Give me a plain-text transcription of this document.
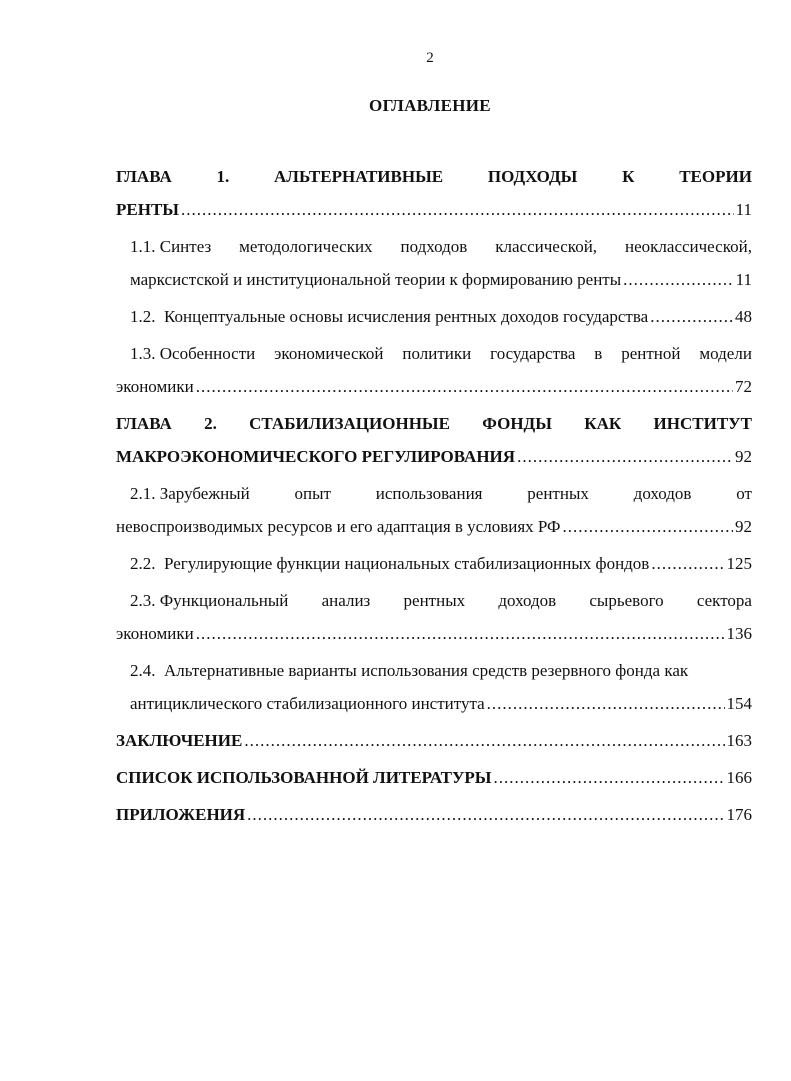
2
ОГЛАВЛЕНИЕ
ГЛАВА	1.	АЛЬТЕРНАТИВНЫЕ	ПОДХОДЫ	К	ТЕОРИИ
РЕНТЫ .....	11
1.1. Синтез методологических подходов классической, неоклассической,
марксистской и институциональной теории к формированию ренты .....	11
1.2. Концептуальные основы исчисления рентных доходов государства .....	48
1.3. Особенности экономической политики государства в рентной модели
экономики .....	72
ГЛАВА 2. СТАБИЛИЗАЦИОННЫЕ ФОНДЫ КАК ИНСТИТУТ
МАКРОЭКОНОМИЧЕСКОГО РЕГУЛИРОВАНИЯ .....	92
2.1. Зарубежный	опыт	использования	рентных	доходов	от
невоспроизводимых ресурсов и его адаптация в условиях РФ .....	92
2.2. Регулирующие функции национальных стабилизационных фондов .....	125
2.3. Функциональный анализ рентных доходов сырьевого сектора
экономики .....	136
2.4. Альтернативные варианты использования средств резервного фонда как
антициклического стабилизационного института .....	154
ЗАКЛЮЧЕНИЕ .....	163
СПИСОК ИСПОЛЬЗОВАННОЙ ЛИТЕРАТУРЫ .....	166
ПРИЛОЖЕНИЯ .....	176
